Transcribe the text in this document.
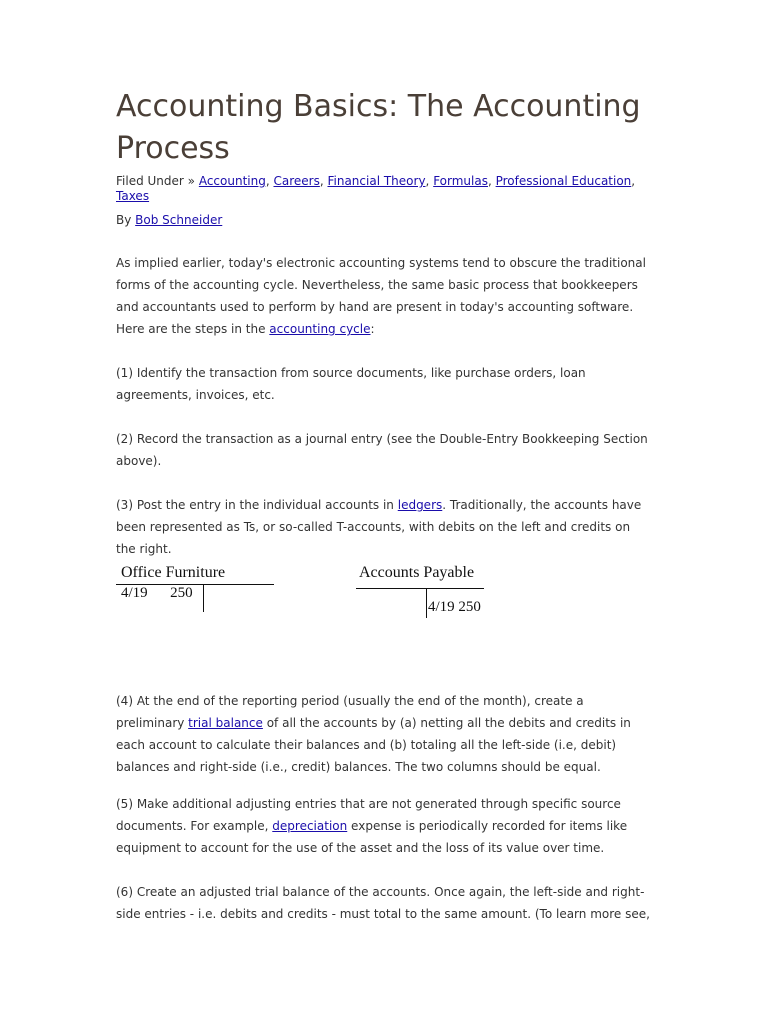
Accounting Basics: The Accounting Process
Filed Under » Accounting, Careers, Financial Theory, Formulas, Professional Education, Taxes
By Bob Schneider

As implied earlier, today's electronic accounting systems tend to obscure the traditional forms of the accounting cycle. Nevertheless, the same basic process that bookkeepers and accountants used to perform by hand are present in today's accounting software. Here are the steps in the accounting cycle:

(1) Identify the transaction from source documents, like purchase orders, loan agreements, invoices, etc.

(2) Record the transaction as a journal entry (see the Double-Entry Bookkeeping Section above).

(3) Post the entry in the individual accounts in ledgers. Traditionally, the accounts have been represented as Ts, or so-called T-accounts, with debits on the left and credits on the right.

Office Furniture
4/19      250
Accounts Payable
4/19 250

(4) At the end of the reporting period (usually the end of the month), create a preliminary trial balance of all the accounts by (a) netting all the debits and credits in each account to calculate their balances and (b) totaling all the left-side (i.e, debit) balances and right-side (i.e., credit) balances. The two columns should be equal.

(5) Make additional adjusting entries that are not generated through specific source documents. For example, depreciation expense is periodically recorded for items like equipment to account for the use of the asset and the loss of its value over time.

(6) Create an adjusted trial balance of the accounts. Once again, the left-side and right-side entries - i.e. debits and credits - must total to the same amount. (To learn more see,
